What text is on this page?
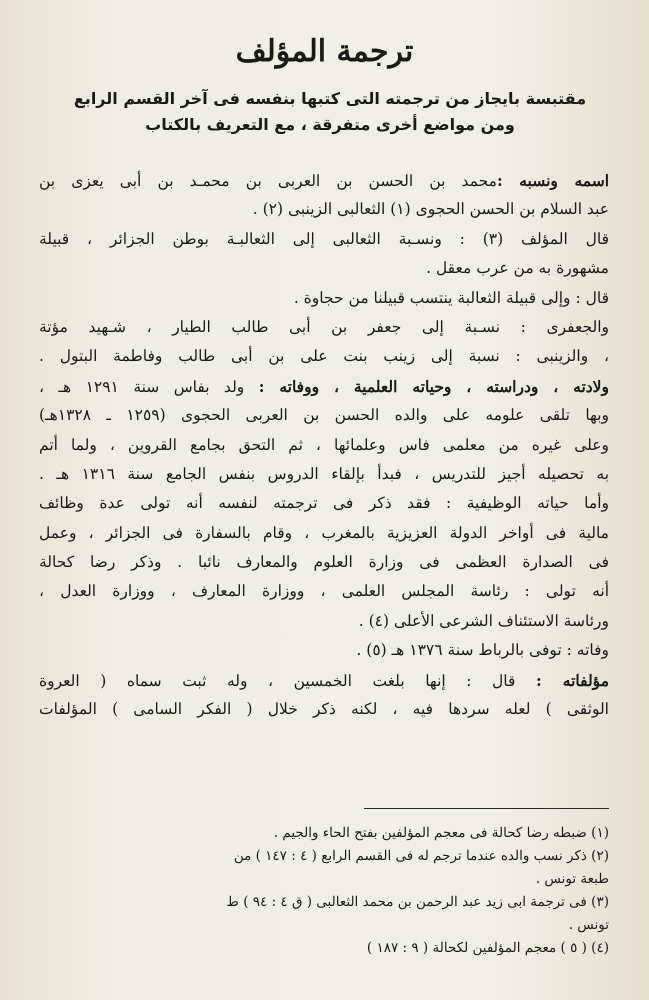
ترجمة المؤلف
مقتبسة بايجاز من ترجمته التى كتبها بنفسه فى آخر القسم الرابع
ومن مواضع أخرى متفرقة ، مع التعريف بالكتاب
اسمه ونسبه :محمد بن الحسن بن العربى بن محمـد بن أبى يعزى بن
عبد السلام بن الحسن الحجوى (١) الثعالبى الزينبى (٢) .
قال المؤلف (٣) : ونسـبة الثعالبى إلى الثعالبـة بوطن الجزائر ، قبيلة
مشهورة به من عرب معقل .
قال : وإلى قبيلة الثعالبة ينتسب قبيلنا من حجاوة .
والجعفرى : نسـبة إلى جعفر بن أبى طالب الطيار ، شـهيد مؤتة
، والزينبى : نسبة إلى زينب بنت على بن أبى طالب وفاطمة البتول .
ولادته ، ودراسته ، وحياته العلمية ، ووفاته : ولد بفاس سنة ١٢٩١ هـ ،
وبها تلقى علومه على والده الحسن بن العربى الحجوى (١٢٥٩ ـ ١٣٢٨هـ)
وعلى غيره من معلمى فاس وعلمائها ، ثم التحق بجامع القروين ، ولما أتم
به تحصيله أجيز للتدريس ، فبدأ بإلقاء الدروس بنفس الجامع سنة ١٣١٦ هـ .
وأما حياته الوظيفية : فقد ذكر فى ترجمته لنفسه أنه تولى عدة وظائف
مالية فى أواخر الدولة العزيزية بالمغرب ، وقام بالسفارة فى الجزائر ، وعمل
فى الصدارة العظمى فى وزارة العلوم والمعارف نائبا . وذكر رضا كحالة
أنه تولى : رئاسة المجلس العلمى ، ووزارة المعارف ، ووزارة العدل ،
ورئاسة الاستئناف الشرعى الأعلى (٤) .
وفاته : توفى بالرباط سنة ١٣٧٦ هـ (٥) .
مؤلفاته : قال : إنها بلغت الخمسين ، وله ثبت سماه ( العروة
الوثقى ) لعله سردها فيه ، لكنه ذكر خلال ( الفكر السامى ) المؤلفات
(١) ضبطه رضا كحالة فى معجم المؤلفين بفتح الحاء والجيم .
(٢) ذكر نسب والده عندما ترجم له فى القسم الرابع ( ٤ : ١٤٧ ) من
طبعة تونس .
(٣) فى ترجمة ابى زيد عبد الرحمن بن محمد الثعالبى ( ق ٤ : ٩٤ ) ط
تونس .
(٤) ( ٥ ) معجم المؤلفين لكحالة ( ٩ : ١٨٧ )
